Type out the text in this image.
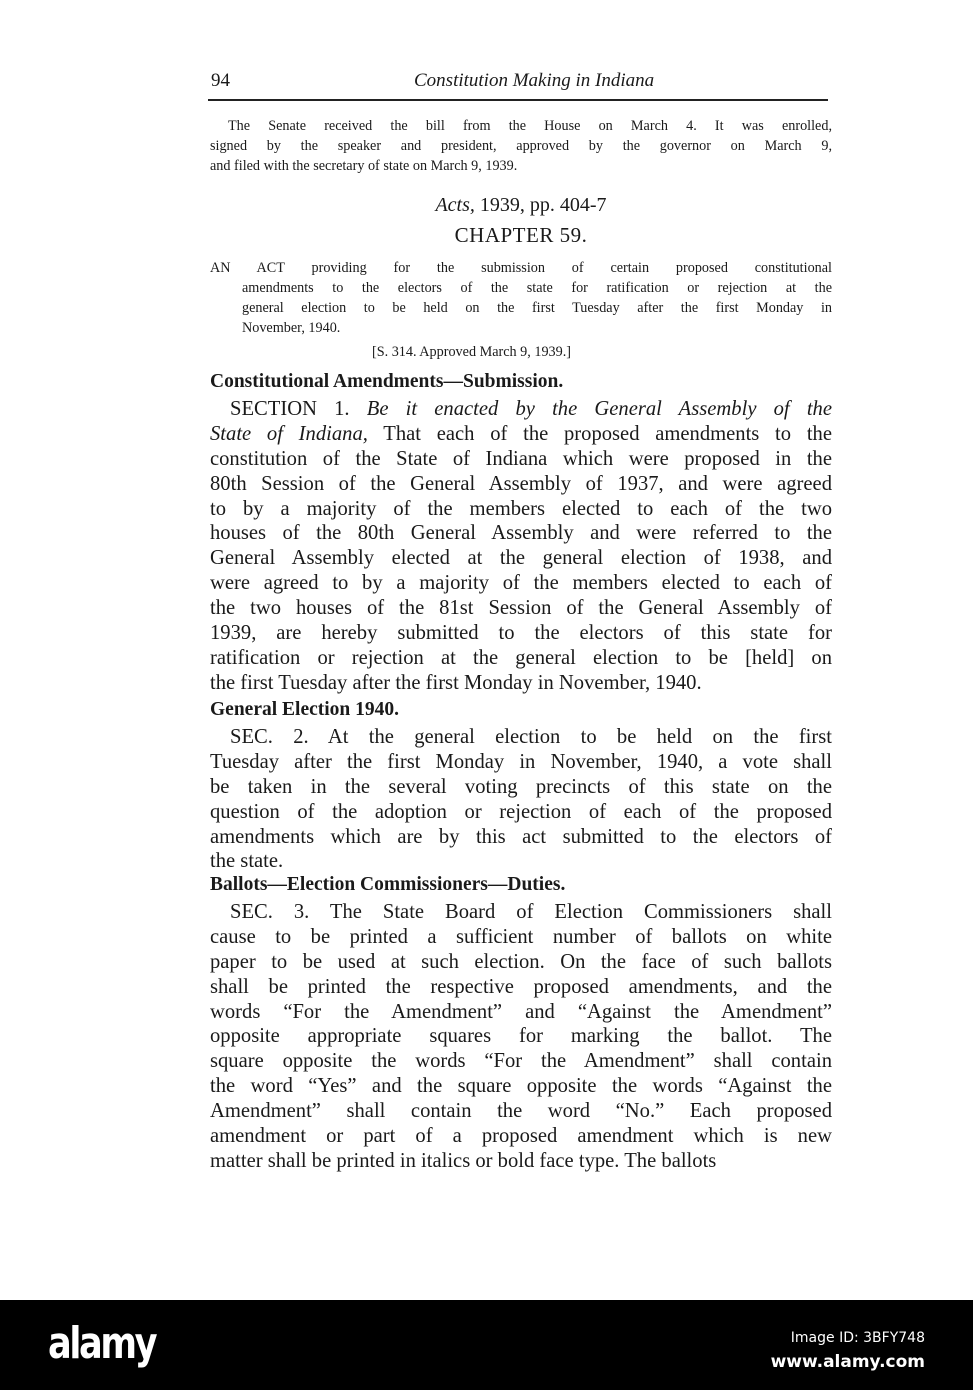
94	Constitution Making in Indiana
The Senate received the bill from the House on March 4. It was enrolled,
signed by the speaker and president, approved by the governor on March 9,
and filed with the secretary of state on March 9, 1939.
Acts, 1939, pp. 404-7
CHAPTER 59.
AN ACT providing for the submission of certain proposed constitutional
amendments to the electors of the state for ratification or rejection at the
general election to be held on the first Tuesday after the first Monday in
November, 1940.
[S. 314. Approved March 9, 1939.]
Constitutional Amendments—Submission.
SECTION 1. Be it enacted by the General Assembly of the
State of Indiana, That each of the proposed amendments to the
constitution of the State of Indiana which were proposed in the
80th Session of the General Assembly of 1937, and were agreed
to by a majority of the members elected to each of the two
houses of the 80th General Assembly and were referred to the
General Assembly elected at the general election of 1938, and
were agreed to by a majority of the members elected to each of
the two houses of the 81st Session of the General Assembly of
1939, are hereby submitted to the electors of this state for
ratification or rejection at the general election to be [held] on
the first Tuesday after the first Monday in November, 1940.
General Election 1940.
SEC. 2. At the general election to be held on the first
Tuesday after the first Monday in November, 1940, a vote shall
be taken in the several voting precincts of this state on the
question of the adoption or rejection of each of the proposed
amendments which are by this act submitted to the electors of
the state.
Ballots—Election Commissioners—Duties.
SEC. 3. The State Board of Election Commissioners shall
cause to be printed a sufficient number of ballots on white
paper to be used at such election. On the face of such ballots
shall be printed the respective proposed amendments, and the
words “For the Amendment” and “Against the Amendment”
opposite appropriate squares for marking the ballot. The
square opposite the words “For the Amendment” shall contain
the word “Yes” and the square opposite the words “Against the
Amendment” shall contain the word “No.” Each proposed
amendment or part of a proposed amendment which is new
matter shall be printed in italics or bold face type. The ballots
alamy	Image ID: 3BFY748
www.alamy.com
